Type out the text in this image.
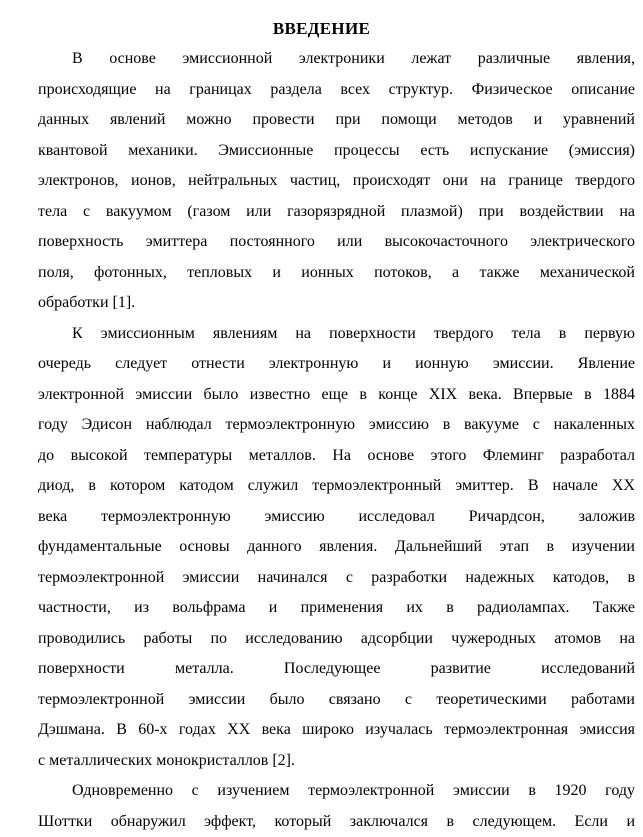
ВВЕДЕНИЕ
В основе эмиссионной электроники лежат различные явления,
происходящие на границах раздела всех структур. Физическое описание
данных явлений можно провести при помощи методов и уравнений
квантовой механики. Эмиссионные процессы есть испускание (эмиссия)
электронов, ионов, нейтральных частиц, происходят они на границе твердого
тела с вакуумом (газом или газорязрядной плазмой) при воздействии на
поверхность эмиттера постоянного или высокочасточного электрического
поля, фотонных, тепловых и ионных потоков, а также механической
обработки [1].
К эмиссионным явлениям на поверхности твердого тела в первую
очередь следует отнести электронную и ионную эмиссии. Явление
электронной эмиссии было известно еще в конце XIX века. Впервые в 1884
году Эдисон наблюдал термоэлектронную эмиссию в вакууме с накаленных
до высокой температуры металлов. На основе этого Флеминг разработал
диод, в котором катодом служил термоэлектронный эмиттер. В начале XX
века термоэлектронную эмиссию исследовал Ричардсон, заложив
фундаментальные основы данного явления. Дальнейший этап в изучении
термоэлектронной эмиссии начинался с разработки надежных катодов, в
частности, из вольфрама и применения их в радиолампах. Также
проводились работы по исследованию адсорбции чужеродных атомов на
поверхности металла. Последующее развитие исследований
термоэлектронной эмиссии было связано с теоретическими работами
Дэшмана. В 60-х годах XX века широко изучалась термоэлектронная эмиссия
с металлических монокристаллов [2].
Одновременно с изучением термоэлектронной эмиссии в 1920 году
Шоттки обнаружил эффект, который заключался в следующем. Если и
